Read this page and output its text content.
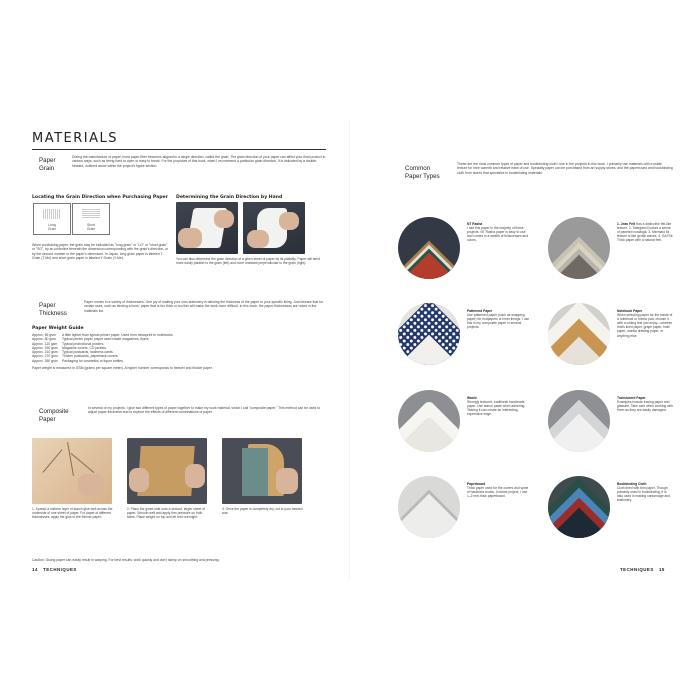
MATERIALS
Paper
Grain
During the manufacture of paper, most paper fiber becomes aligned in a single direction, called the grain. The grain direction of your paper can affect your final product in various ways, such as being hard to open or easy to break. For the purposes of this book, when I recommend a particular grain direction, it is indicated by a double-headed, outlined arrow within the project's figure section.
Locating the Grain Direction when Purchasing Paper Determining the Grain Direction by Hand
Long
Grain
Short
Grain
When purchasing paper, the grain may be indicated as "long grain" or "LG" or "short grain" or "SG", by an underline beneath the dimension corresponding with the grain's direction, or by the second number in the paper's dimension. In Japan, long grain paper is labeled T-Grain (T-Me) and short grain paper is labeled Y-Grain (Y-Me).	You can also determine the grain direction of a given sheet of paper by its pliability. Paper will bend more easily parallel to the grain (left) and more resistant perpendicular to the grain (right).
Paper
Thickness
Paper comes in a variety of thicknesses. One joy of making your own stationery is tailoring the thickness of the paper to your specific liking. Just beware that for certain uses, such as binding a book, paper that is too thick or too thin will make the work more difficult. In this book, the paper thicknesses are noted in the materials list.
Paper Weight Guide
Approx. 65 gsm	A little lighter than typical printer paper. Used from newsprint to notebooks.
Approx. 80 gsm	Typical printer paper, paper used inside magazines, flyers.
Approx. 110 gsm	Typical promotional posters.
Approx. 150 gsm	Magazine covers, CD jackets.
Approx. 210 gsm	Typical postcards, business cards.
Approx. 270 gsm	Thicker postcards, paperback covers.
Approx. 350 gsm	Packaging for cosmetics or liquor bottles.
Paper weight is measured in GSM (grams per square meter). A higher number corresponds to heavier and thicker paper.
Composite
Paper
In several of my projects, I glue two different types of paper together to make my work material, which I call "composite paper." This method can be used to adjust paper thickness and to explore the effects of different combinations of paper.
1. Spread a uniform layer of starch glue well across the underside of one sheet of paper. For paper of different thicknesses, apply the glue to the thinner paper.
2. Place the glued side onto a second, larger sheet of paper. Smooth well and apply firm pressure on both sides. Place weight on top and let rest overnight.
3. Once the paper is completely dry, cut to your desired size.
Caution: Gluing paper can easily result in warping. For best results, work quickly and don't skimp on smoothing and pressing.
14 TECHNIQUES
Common
Paper Types
These are the most common types of paper and bookbinding cloth I use in the projects in this book. I primarily use materials with a matte texture for their warmth and relative ease of use. Specialty paper can be purchased from art supply stores, and the paperboard and bookbinding cloth from stores that specialize in bookbinding materials.
NT Rasha
I use this paper in the majority of these projects. NT Rasha paper is easy to use and comes in a wealth of thicknesses and colors.
1. Jean Felt Has a distinctive felt-like texture. 2. Sategami Evokes a sense of paneled nostalgia. 3. Mermaid Its texture is like gentle waves. 4. GA File Thick paper with a natural feel.
Patterned Paper
Use patterned paper (such as wrapping paper) for endpapers or inner linings. I use this in my composite paper in several projects.
Notebook Paper
When selecting paper for the inside of a notebook or memo pad, choose it with a writing feel you enjoy—whether that's lined paper, graph paper, kraft paper, manila drawing paper, or anything else.
Washi
Strongly textured, traditional handmade paper. Use starch paste when adhering. Tearing it can create an interesting, expressive edge.
Translucent Paper
Examples include tracing paper and glassine. Take care when working with them as they are easily damaged.
Paperboard
Thick paper used for the covers and spine of hardback books. In these project, I use 1–2 mm-thick paperboard.
Bookbinding Cloth
Cloth lined with thin paper. Though primarily used in bookbinding, it is also used in making cartonnage and stationery.
TECHNIQUES 15
